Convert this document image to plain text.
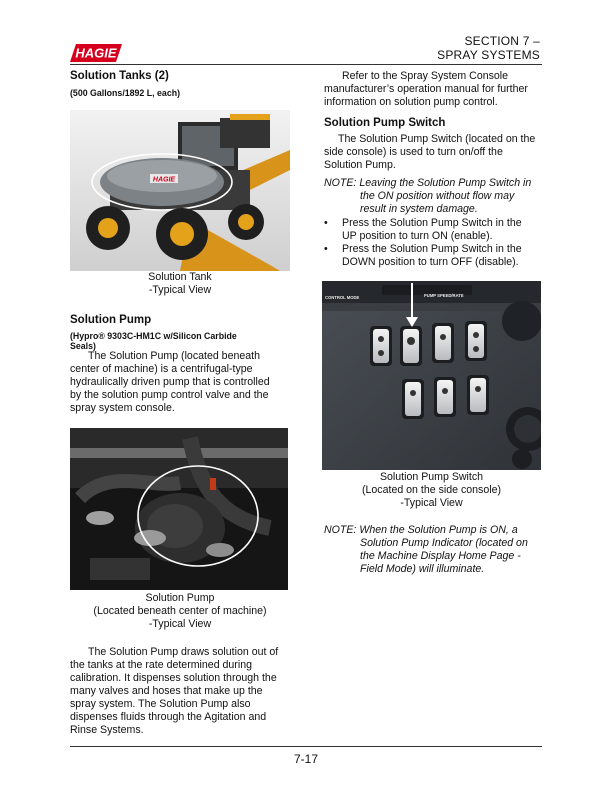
HAGIE
SECTION 7 –
SPRAY SYSTEMS
Solution Tanks (2)
(500 Gallons/1892 L, each)
HAGIE
Solution Tank
-Typical View
Solution Pump
(Hypro® 9303C-HM1C w/Silicon Carbide
Seals)
The Solution Pump (located beneath
center of machine) is a centrifugal-type
hydraulically driven pump that is controlled
by the solution pump control valve and the
spray system console.
Solution Pump
(Located beneath center of machine)
-Typical View
The Solution Pump draws solution out of
the tanks at the rate determined during
calibration. It dispenses solution through the
many valves and hoses that make up the
spray system. The Solution Pump also
dispenses fluids through the Agitation and
Rinse Systems.
Refer to the Spray System Console
manufacturer’s operation manual for further
information on solution pump control.
Solution Pump Switch
The Solution Pump Switch (located on the
side console) is used to turn on/off the
Solution Pump.
NOTE: Leaving the Solution Pump Switch in
the ON position without flow may
result in system damage.
• Press the Solution Pump Switch in the
UP position to turn ON (enable).
• Press the Solution Pump Switch in the
DOWN position to turn OFF (disable).
CONTROL MODE	PUMP SPEED/RATE
Solution Pump Switch
(Located on the side console)
-Typical View
NOTE: When the Solution Pump is ON, a
Solution Pump Indicator (located on
the Machine Display Home Page -
Field Mode) will illuminate.
7-17
